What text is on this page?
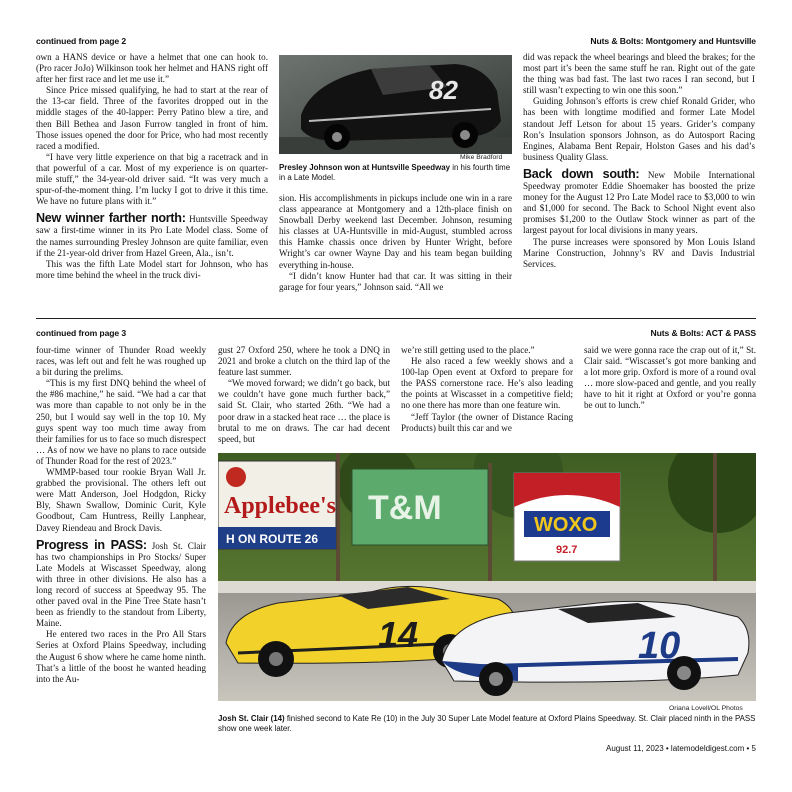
continued from page 2	Nuts & Bolts: Montgomery and Huntsville

own a HANS device or have a helmet that one can hook to. (Pro racer JoJo) Wilkinson took her helmet and HANS right off after her first race and let me use it.”

Since Price missed qualifying, he had to start at the rear of the 13-car field. Three of the favorites dropped out in the middle stages of the 40-lapper: Perry Patino blew a tire, and then Bill Bethea and Jason Furrow tangled in front of him. Those issues opened the door for Price, who had most recently raced a modified.

“I have very little experience on that big a racetrack and in that powerful of a car. Most of my experience is on quarter-mile stuff,” the 34-year-old driver said. “It was very much a spur-of-the-moment thing. I’m lucky I got to drive it this time. We have no future plans with it.”

New winner farther north: Huntsville Speedway saw a first-time winner in its Pro Late Model class. Some of the names surrounding Presley Johnson are quite familiar, even if the 21-year-old driver from Hazel Green, Ala., isn’t.

This was the fifth Late Model start for Johnson, who has more time behind the wheel in the truck divi-

82
Mike Bradford
Presley Johnson won at Huntsville Speedway in his fourth time in a Late Model.

sion. His accomplishments in pickups include one win in a rare class appearance at Montgomery and a 12th-place finish on Snowball Derby weekend last December. Johnson, resuming his classes at UA-Huntsville in mid-August, stumbled across this Hamke chassis once driven by Hunter Wright, before Wright’s car owner Wayne Day and his team began building everything in-house.

“I didn’t know Hunter had that car. It was sitting in their garage for four years,” Johnson said. “All we

did was repack the wheel bearings and bleed the brakes; for the most part it’s been the same stuff he ran. Right out of the gate the thing was bad fast. The last two races I ran second, but I still wasn’t expecting to win one this soon.”

Guiding Johnson’s efforts is crew chief Ronald Grider, who has been with longtime modified and former Late Model standout Jeff Letson for about 15 years. Grider’s company Ron’s Insulation sponsors Johnson, as do Autosport Racing Engines, Alabama Bent Repair, Holston Gases and his dad’s business Quality Glass.

Back down south: New Mobile International Speedway promoter Eddie Shoemaker has boosted the prize money for the August 12 Pro Late Model race to $3,000 to win and $1,000 for second. The Back to School Night event also promises $1,200 to the Outlaw Stock winner as part of the largest payout for local divisions in many years.

The purse increases were sponsored by Mon Louis Island Marine Construction, Johnny’s RV and Davis Industrial Services.

continued from page 3	Nuts & Bolts: ACT & PASS

four-time winner of Thunder Road weekly races, was left out and felt he was roughed up a bit during the prelims.

“This is my first DNQ behind the wheel of the #86 machine,” he said. “We had a car that was more than capable to not only be in the 250, but I would say well in the top 10. My guys spent way too much time away from their families for us to face so much disrespect … As of now we have no plans to race outside of Thunder Road for the rest of 2023.”

WMMP-based tour rookie Bryan Wall Jr. grabbed the provisional. The others left out were Matt Anderson, Joel Hodgdon, Ricky Bly, Shawn Swallow, Dominic Curit, Kyle Goodbout, Cam Huntress, Reilly Lanphear, Davey Riendeau and Brock Davis.

Progress in PASS: Josh St. Clair has two championships in Pro Stocks/ Super Late Models at Wiscasset Speedway, along with three in other divisions. He also has a long record of success at Speedway 95. The other paved oval in the Pine Tree State hasn’t been as friendly to the standout from Liberty, Maine.

He entered two races in the Pro All Stars Series at Oxford Plains Speedway, including the August 6 show where he came home ninth. That’s a little of the boost he wanted heading into the Au-

gust 27 Oxford 250, where he took a DNQ in 2021 and broke a clutch on the third lap of the feature last summer.

“We moved forward; we didn’t go back, but we couldn’t have gone much further back,” said St. Clair, who started 26th. “We had a poor draw in a stacked heat race … the place is brutal to me on draws. The car had decent speed, but

we’re still getting used to the place.”

He also raced a few weekly shows and a 100-lap Open event at Oxford to prepare for the PASS cornerstone race. He’s also leading the points at Wiscasset in a competitive field; no one there has more than one feature win.

“Jeff Taylor (the owner of Distance Racing Products) built this car and we

said we were gonna race the crap out of it,” St. Clair said. “Wiscasset’s got more banking and a lot more grip. Oxford is more of a round oval … more slow-paced and gentle, and you really have to hit it right at Oxford or you’re gonna be out to lunch.”

Applebee's
H ON ROUTE 26
T&M	WOXO
92.7
14	10
Oriana Lovell/OL Photos
Josh St. Clair (14) finished second to Kate Re (10) in the July 30 Super Late Model feature at Oxford Plains Speedway. St. Clair placed ninth in the PASS show one week later.
August 11, 2023 • latemodeldigest.com • 5
